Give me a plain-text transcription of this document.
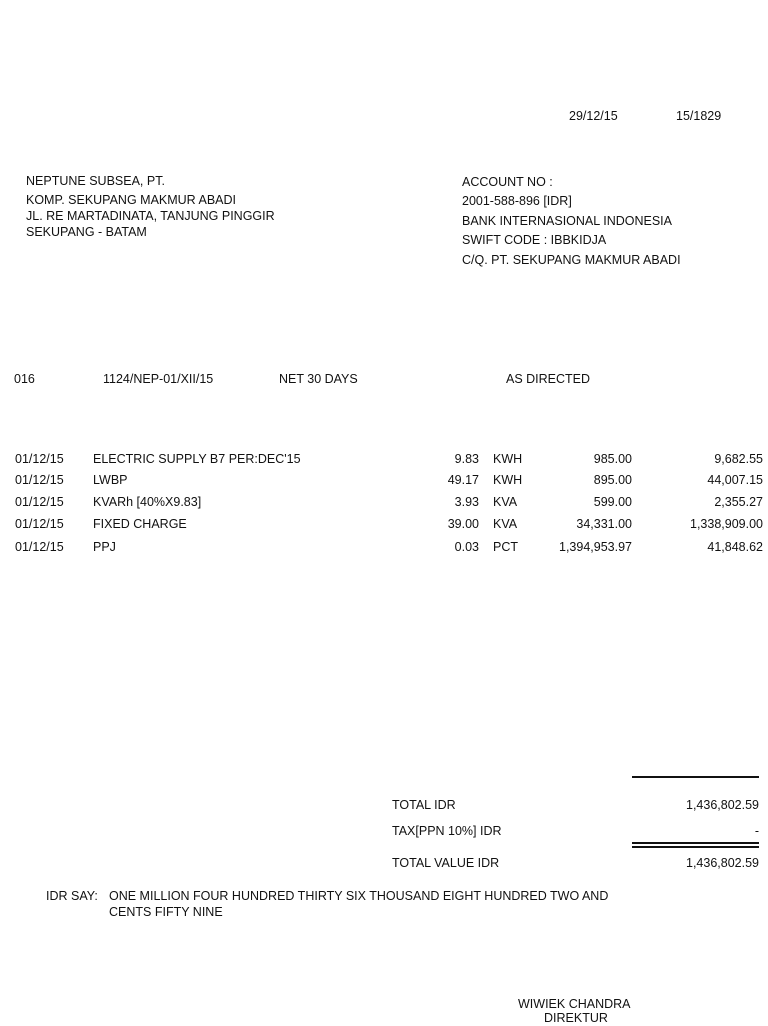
29/12/15	15/1829
NEPTUNE SUBSEA, PT.
KOMP. SEKUPANG MAKMUR ABADI
JL. RE MARTADINATA, TANJUNG PINGGIR
SEKUPANG - BATAM
ACCOUNT NO :
2001-588-896 [IDR]
BANK INTERNASIONAL INDONESIA
SWIFT CODE : IBBKIDJA
C/Q. PT. SEKUPANG MAKMUR ABADI
016	1124/NEP-01/XII/15	NET 30 DAYS	AS DIRECTED
01/12/15 ELECTRIC SUPPLY B7 PER:DEC'15	9.83 KWH	985.00	9,682.55
01/12/15 LWBP	49.17 KWH	895.00	44,007.15
01/12/15 KVARh [40%X9.83]	3.93 KVA	599.00	2,355.27
01/12/15 FIXED CHARGE	39.00 KVA	34,331.00	1,338,909.00
01/12/15 PPJ	0.03 PCT	1,394,953.97	41,848.62
TOTAL IDR	1,436,802.59
TAX[PPN 10%] IDR	-
TOTAL VALUE IDR	1,436,802.59
IDR SAY: ONE MILLION FOUR HUNDRED THIRTY SIX THOUSAND EIGHT HUNDRED TWO AND
CENTS FIFTY NINE
WIWIEK CHANDRA
DIREKTUR
